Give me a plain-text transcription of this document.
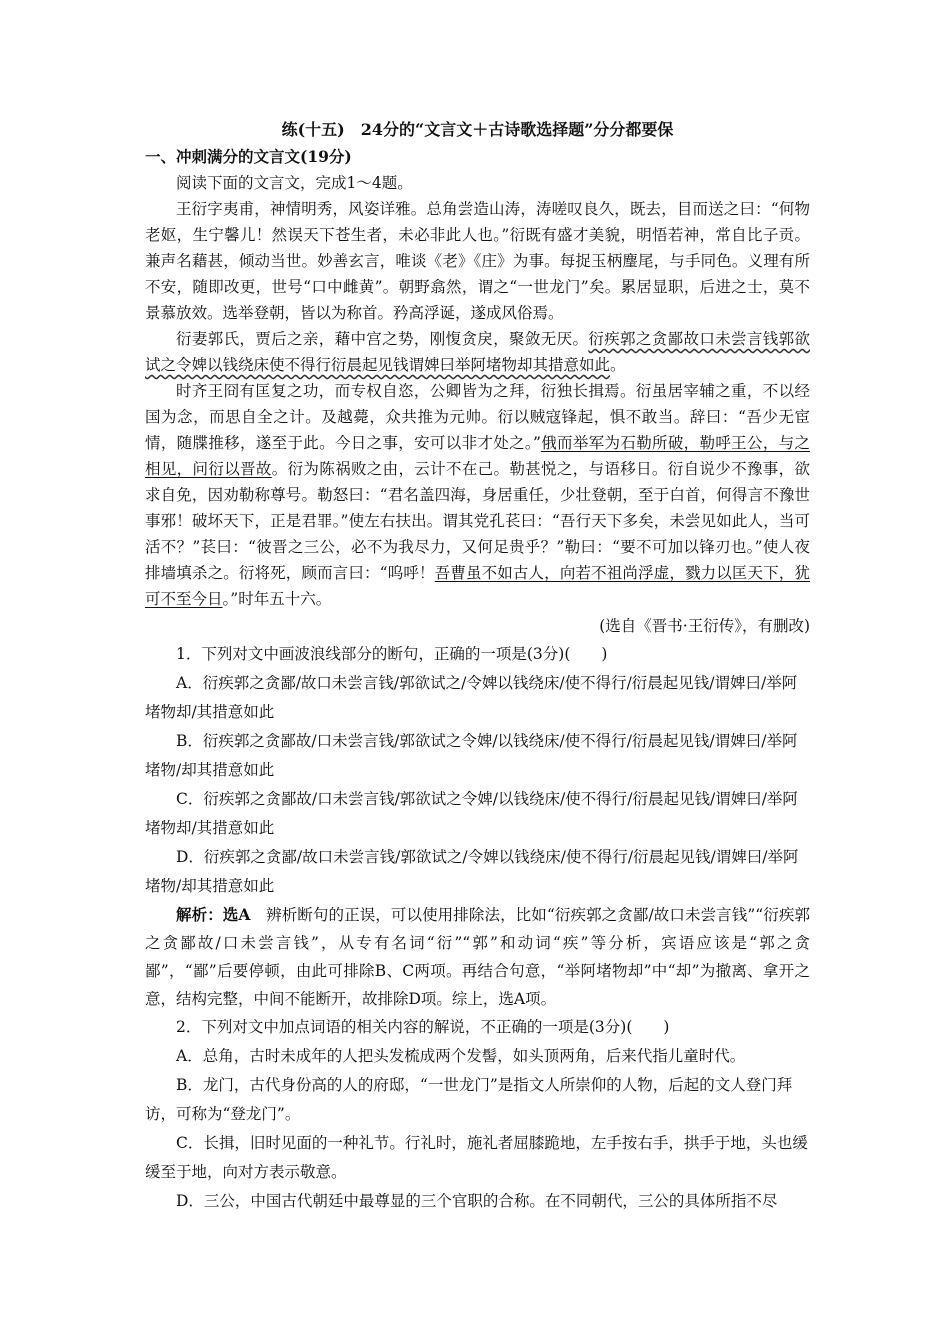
练(十五)　24分的“文言文＋古诗歌选择题”分分都要保

一、冲刺满分的文言文(19分)

阅读下面的文言文，完成1～4题。

王衍字夷甫，神情明秀，风姿详雅。总角尝造山涛，涛嗟叹良久，既去，目而送之曰：“何物老妪，生宁馨儿！然误天下苍生者，未必非此人也。”衍既有盛才美貌，明悟若神，常自比子贡。兼声名藉甚，倾动当世。妙善玄言，唯谈《老》《庄》为事。每捉玉柄麈尾，与手同色。义理有所不安，随即改更，世号“口中雌黄”。朝野翕然，谓之“一世龙门”矣。累居显职，后进之士，莫不景慕放效。选举登朝，皆以为称首。矜高浮诞，遂成风俗焉。

衍妻郭氏，贾后之亲，藉中宫之势，刚愎贪戾，聚敛无厌。衍疾郭之贪鄙故口未尝言钱郭欲试之令婢以钱绕床使不得行衍晨起见钱谓婢曰举阿堵物却其措意如此。

时齐王冏有匡复之功，而专权自恣，公卿皆为之拜，衍独长揖焉。衍虽居宰辅之重，不以经国为念，而思自全之计。及越薨，众共推为元帅。衍以贼寇锋起，惧不敢当。辞曰：“吾少无宦情，随牒推移，遂至于此。今日之事，安可以非才处之。”俄而举军为石勒所破，勒呼王公，与之相见，问衍以晋故。衍为陈祸败之由，云计不在己。勒甚悦之，与语移日。衍自说少不豫事，欲求自免，因劝勒称尊号。勒怒曰：“君名盖四海，身居重任，少壮登朝，至于白首，何得言不豫世事邪！破坏天下，正是君罪。”使左右扶出。谓其党孔苌曰：“吾行天下多矣，未尝见如此人，当可活不？”苌曰：“彼晋之三公，必不为我尽力，又何足贵乎？”勒曰：“要不可加以锋刃也。”使人夜排墙填杀之。衍将死，顾而言曰：“呜呼！吾曹虽不如古人，向若不祖尚浮虚，戮力以匡天下，犹可不至今日。”时年五十六。

(选自《晋书·王衍传》，有删改)

1．下列对文中画波浪线部分的断句，正确的一项是(3分)(　　)

A．衍疾郭之贪鄙/故口未尝言钱/郭欲试之/令婢以钱绕床/使不得行/衍晨起见钱/谓婢曰/举阿堵物却/其措意如此

B．衍疾郭之贪鄙故/口未尝言钱/郭欲试之令婢/以钱绕床/使不得行/衍晨起见钱/谓婢曰/举阿堵物/却其措意如此

C．衍疾郭之贪鄙故/口未尝言钱/郭欲试之令婢/以钱绕床/使不得行/衍晨起见钱/谓婢曰/举阿堵物却/其措意如此

D．衍疾郭之贪鄙/故口未尝言钱/郭欲试之/令婢以钱绕床/使不得行/衍晨起见钱/谓婢曰/举阿堵物/却其措意如此

解析：选A　辨析断句的正误，可以使用排除法，比如“衍疾郭之贪鄙/故口未尝言钱”“衍疾郭之贪鄙故/口未尝言钱”，从专有名词“衍”“郭”和动词“疾”等分析，宾语应该是“郭之贪鄙”，“鄙”后要停顿，由此可排除B、C两项。再结合句意，“举阿堵物却”中“却”为撤离、拿开之意，结构完整，中间不能断开，故排除D项。综上，选A项。

2．下列对文中加点词语的相关内容的解说，不正确的一项是(3分)(　　)

A．总角，古时未成年的人把头发梳成两个发髻，如头顶两角，后来代指儿童时代。

B．龙门，古代身份高的人的府邸，“一世龙门”是指文人所崇仰的人物，后起的文人登门拜访，可称为“登龙门”。

C．长揖，旧时见面的一种礼节。行礼时，施礼者屈膝跪地，左手按右手，拱手于地，头也缓缓至于地，向对方表示敬意。

D．三公，中国古代朝廷中最尊显的三个官职的合称。在不同朝代，三公的具体所指不尽
